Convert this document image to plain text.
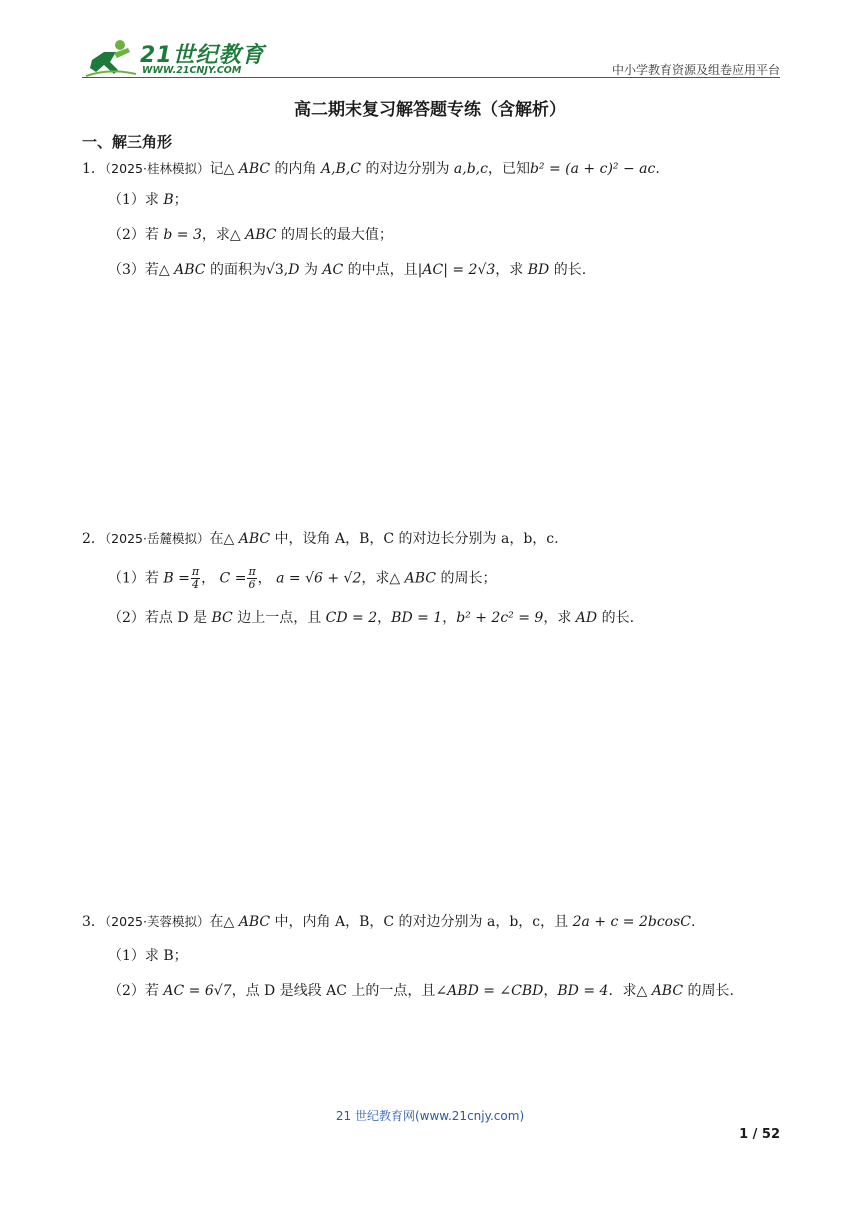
21世纪教育
WWW.21CNJY.COM	中小学教育资源及组卷应用平台
高二期末复习解答题专练（含解析）
一、解三角形
1．（2025·桂林模拟）记△ ABC 的内角 A,B,C 的对边分别为 a,b,c，已知b² = (a + c)² − ac.
（1）求 B；
（2）若 b = 3，求△ ABC 的周长的最大值；
（3）若△ ABC 的面积为√3,D 为 AC 的中点，且|AC| = 2√3，求 BD 的长.
2．（2025·岳麓模拟）在△ ABC 中，设角 A，B，C 的对边长分别为 a，b，c.
（1）若 $B = \frac{\pi}{4}$ ， $C = \frac{\pi}{6}$ ， a = √6 + √2，求△ ABC 的周长；
（2）若点 D 是 BC 边上一点，且 CD = 2，BD = 1，b² + 2c² = 9，求 AD 的长.
3．（2025·芙蓉模拟）在△ ABC 中，内角 A，B，C 的对边分别为 a，b，c，且 2a + c = 2bcosC.
（1）求 B；
（2）若 AC = 6√7，点 D 是线段 AC 上的一点，且∠ABD = ∠CBD，BD = 4．求△ ABC 的周长.
21 世纪教育网(www.21cnjy.com)
1 / 52
